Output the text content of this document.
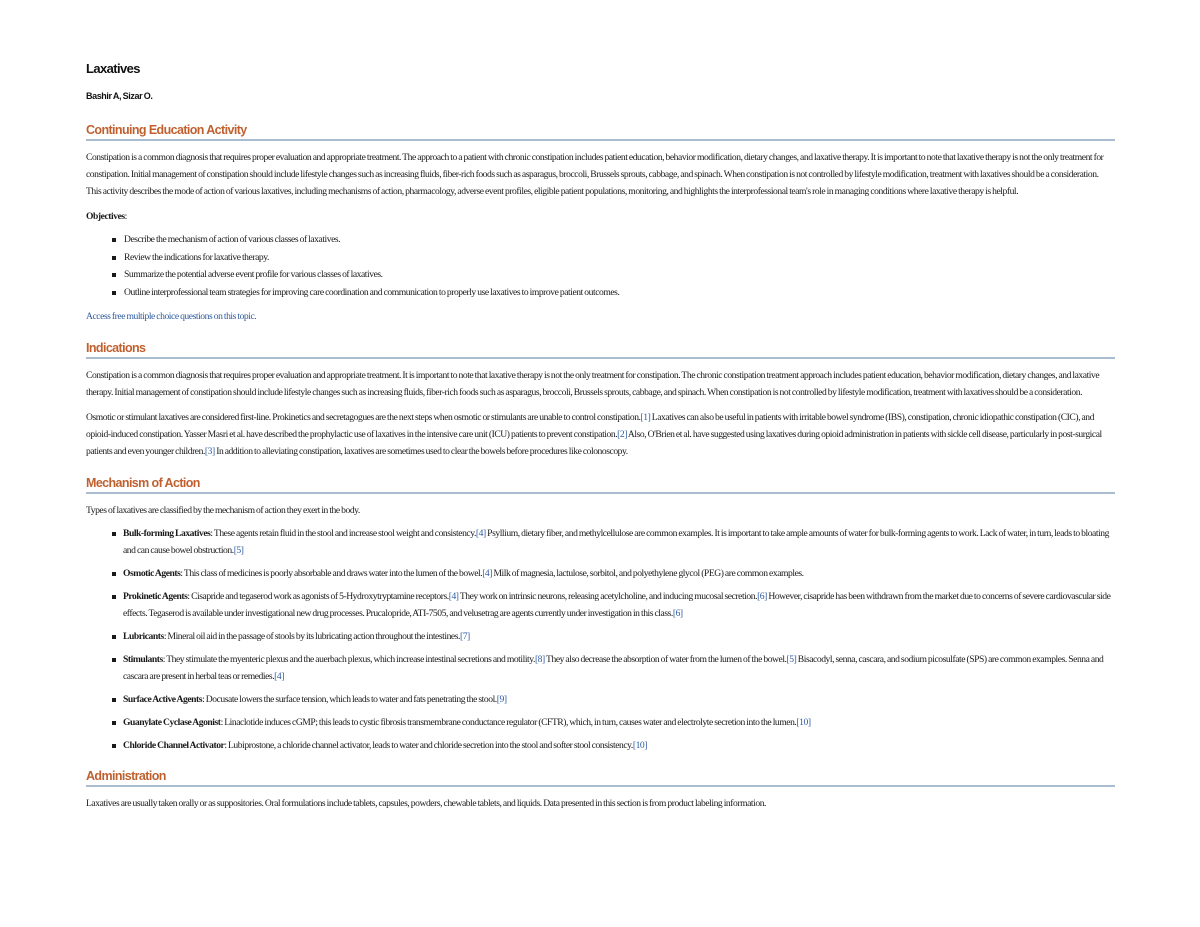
Laxatives

Bashir A, Sizar O.

Continuing Education Activity

Constipation is a common diagnosis that requires proper evaluation and appropriate treatment. The approach to a patient with chronic constipation includes patient education, behavior modification, dietary changes, and laxative therapy. It is important to note that laxative therapy is not the only treatment for constipation. Initial management of constipation should include lifestyle changes such as increasing fluids, fiber-rich foods such as asparagus, broccoli, Brussels sprouts, cabbage, and spinach. When constipation is not controlled by lifestyle modification, treatment with laxatives should be a consideration. This activity describes the mode of action of various laxatives, including mechanisms of action, pharmacology, adverse event profiles, eligible patient populations, monitoring, and highlights the interprofessional team's role in managing conditions where laxative therapy is helpful.

Objectives:

Describe the mechanism of action of various classes of laxatives.
Review the indications for laxative therapy.
Summarize the potential adverse event profile for various classes of laxatives.
Outline interprofessional team strategies for improving care coordination and communication to properly use laxatives to improve patient outcomes.

Access free multiple choice questions on this topic.

Indications

Constipation is a common diagnosis that requires proper evaluation and appropriate treatment. It is important to note that laxative therapy is not the only treatment for constipation. The chronic constipation treatment approach includes patient education, behavior modification, dietary changes, and laxative therapy. Initial management of constipation should include lifestyle changes such as increasing fluids, fiber-rich foods such as asparagus, broccoli, Brussels sprouts, cabbage, and spinach. When constipation is not controlled by lifestyle modification, treatment with laxatives should be a consideration.

Osmotic or stimulant laxatives are considered first-line. Prokinetics and secretagogues are the next steps when osmotic or stimulants are unable to control constipation.[1] Laxatives can also be useful in patients with irritable bowel syndrome (IBS), constipation, chronic idiopathic constipation (CIC), and opioid-induced constipation. Yasser Masri et al. have described the prophylactic use of laxatives in the intensive care unit (ICU) patients to prevent constipation.[2] Also, O'Brien et al. have suggested using laxatives during opioid administration in patients with sickle cell disease, particularly in post-surgical patients and even younger children.[3] In addition to alleviating constipation, laxatives are sometimes used to clear the bowels before procedures like colonoscopy.

Mechanism of Action

Types of laxatives are classified by the mechanism of action they exert in the body.

Bulk-forming Laxatives: These agents retain fluid in the stool and increase stool weight and consistency.[4] Psyllium, dietary fiber, and methylcellulose are common examples. It is important to take ample amounts of water for bulk-forming agents to work. Lack of water, in turn, leads to bloating and can cause bowel obstruction.[5]
Osmotic Agents: This class of medicines is poorly absorbable and draws water into the lumen of the bowel.[4] Milk of magnesia, lactulose, sorbitol, and polyethylene glycol (PEG) are common examples.
Prokinetic Agents: Cisapride and tegaserod work as agonists of 5-Hydroxytryptamine receptors.[4] They work on intrinsic neurons, releasing acetylcholine, and inducing mucosal secretion.[6] However, cisapride has been withdrawn from the market due to concerns of severe cardiovascular side effects. Tegaserod is available under investigational new drug processes. Prucalopride, ATI-7505, and velusetrag are agents currently under investigation in this class.[6]
Lubricants: Mineral oil aid in the passage of stools by its lubricating action throughout the intestines.[7]
Stimulants: They stimulate the myenteric plexus and the auerbach plexus, which increase intestinal secretions and motility.[8] They also decrease the absorption of water from the lumen of the bowel.[5] Bisacodyl, senna, cascara, and sodium picosulfate (SPS) are common examples. Senna and cascara are present in herbal teas or remedies.[4]
Surface Active Agents: Docusate lowers the surface tension, which leads to water and fats penetrating the stool.[9]
Guanylate Cyclase Agonist: Linaclotide induces cGMP; this leads to cystic fibrosis transmembrane conductance regulator (CFTR), which, in turn, causes water and electrolyte secretion into the lumen.[10]
Chloride Channel Activator: Lubiprostone, a chloride channel activator, leads to water and chloride secretion into the stool and softer stool consistency.[10]
Administration

Laxatives are usually taken orally or as suppositories. Oral formulations include tablets, capsules, powders, chewable tablets, and liquids. Data presented in this section is from product labeling information.
